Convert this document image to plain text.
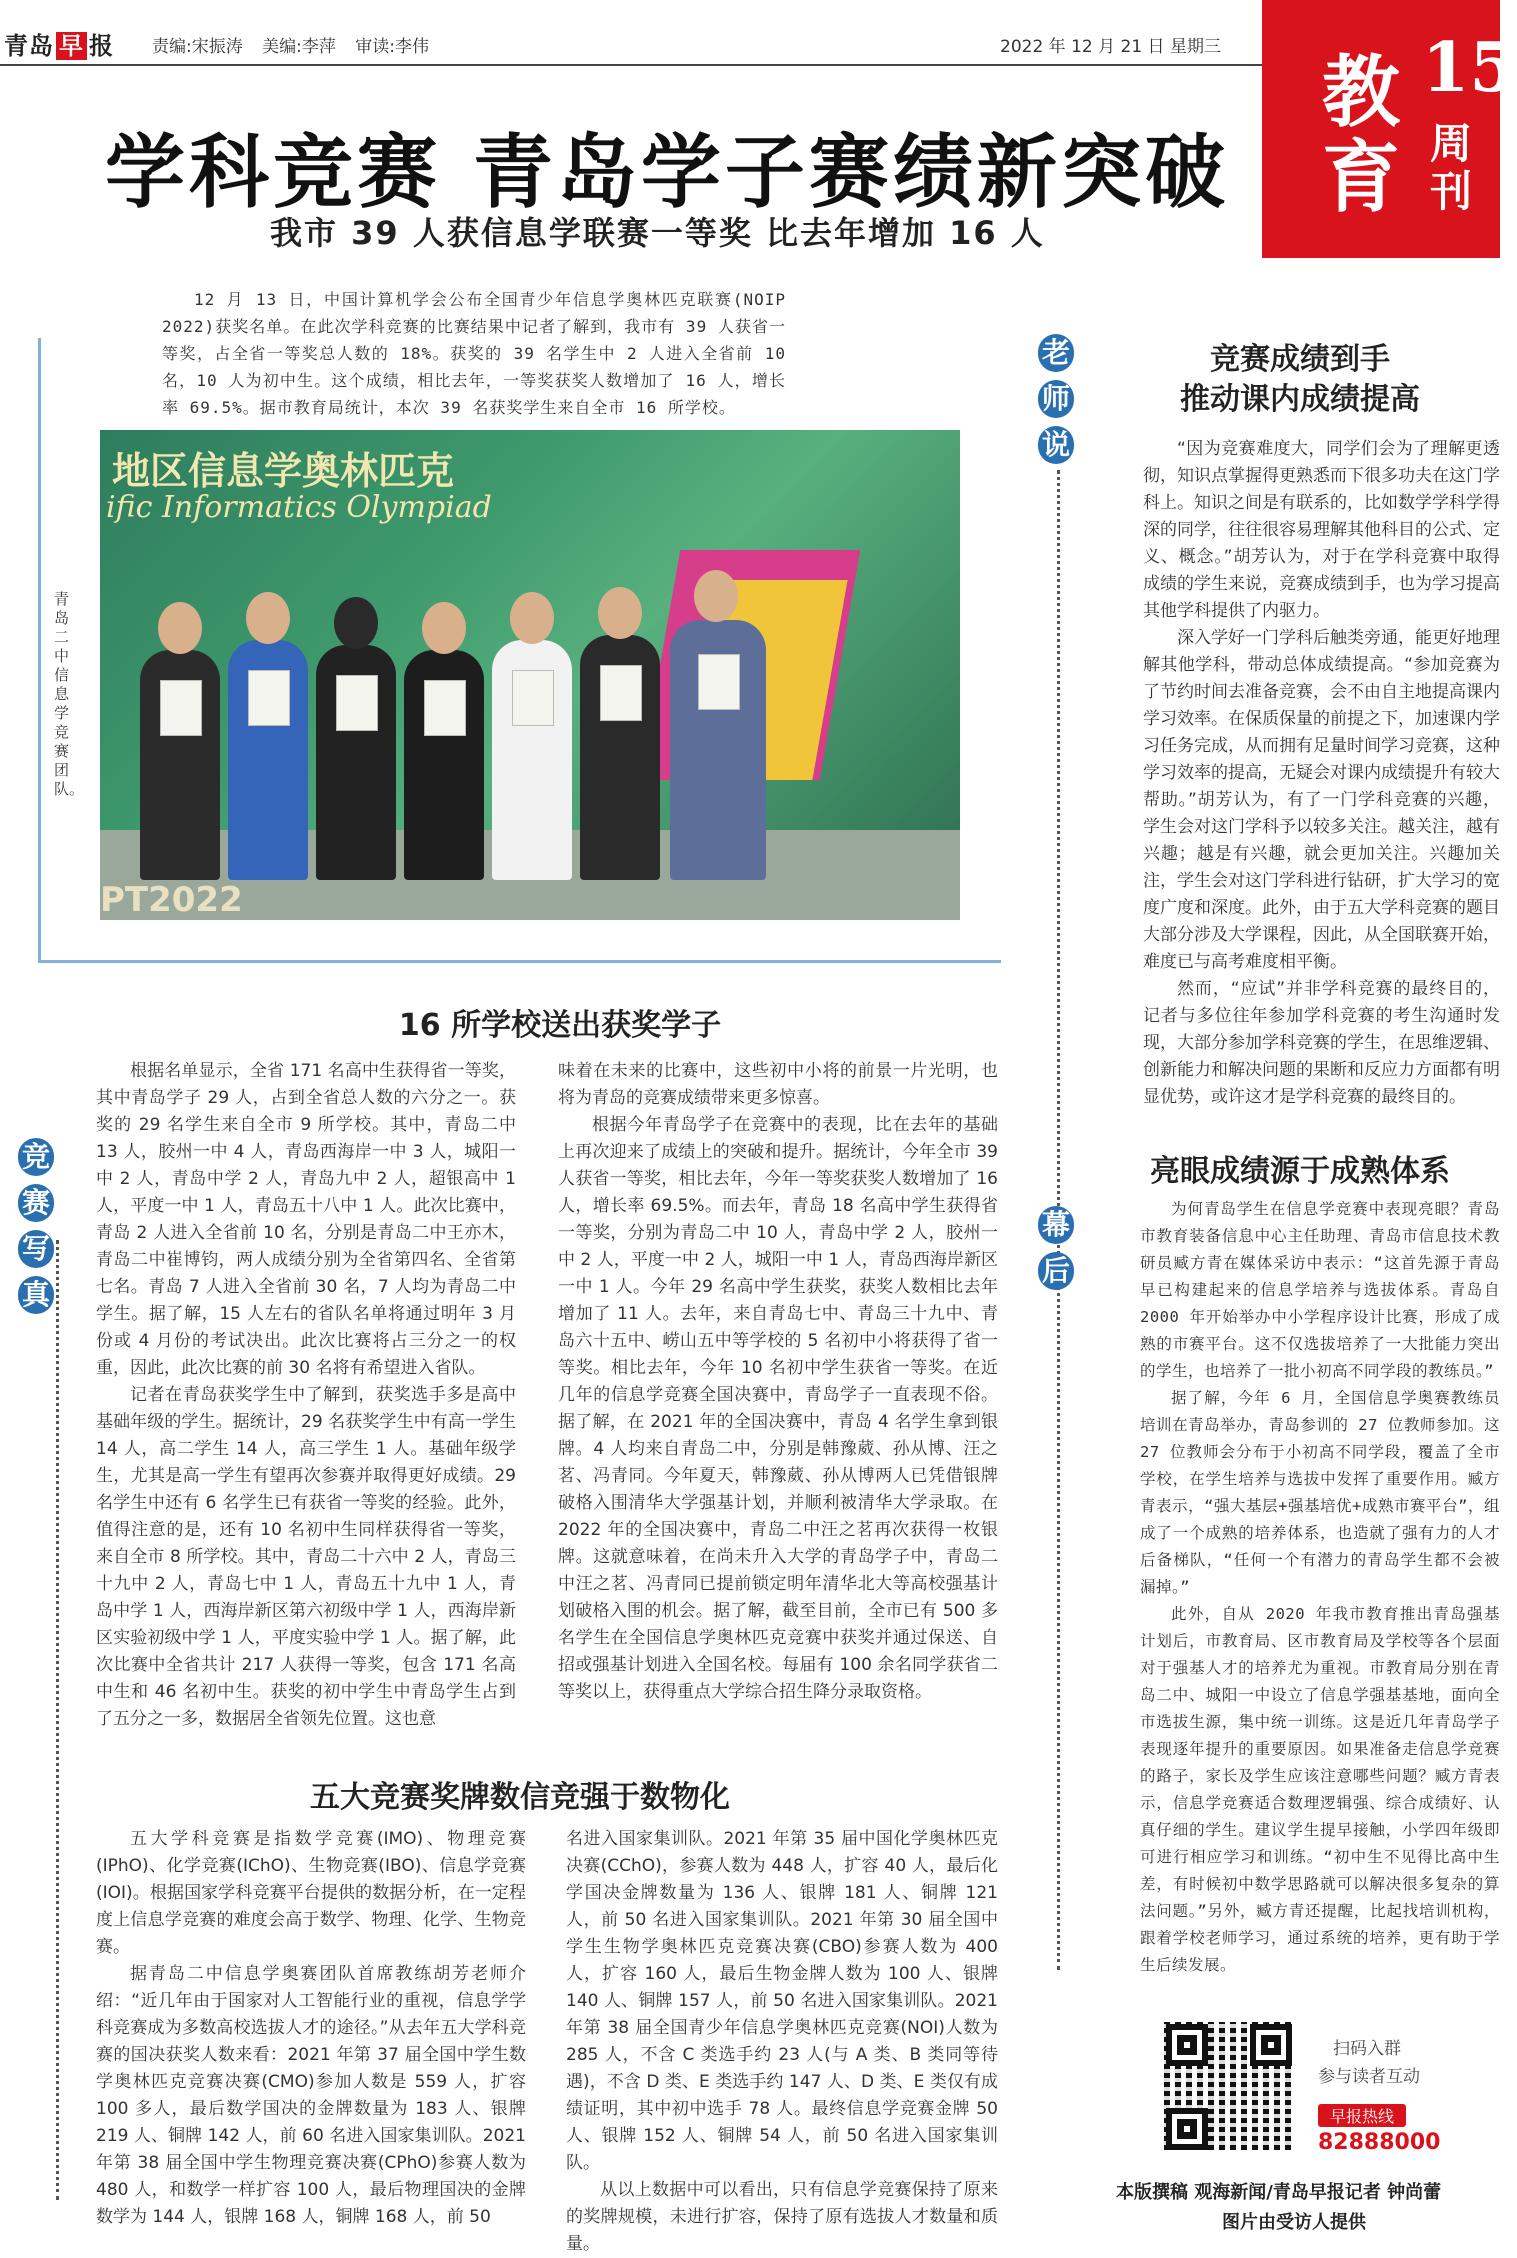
青岛 早 报 责编:宋振涛 美编:李萍 审读:李伟	2022 年 12 月 21 日 星期三 教
育
15
周刊
学科竞赛 青岛学子赛绩新突破
我市 39 人获信息学联赛一等奖 比去年增加 16 人

12 月 13 日，中国计算机学会公布全国青少年信息学奥林匹克联赛(NOIP 2022)获奖名单。在此次学科竞赛的比赛结果中记者了解到，我市有 39 人获省一等奖，占全省一等奖总人数的 18%。获奖的 39 名学生中 2 人进入全省前 10 名，10 人为初中生。这个成绩，相比去年，一等奖获奖人数增加了 16 人，增长率 69.5%。据市教育局统计，本次 39 名获奖学生来自全市 16 所学校。

地区信息学奥林匹克
ific Informatics Olympiad
PT2022
青岛二中信息学竞赛团队。
老
师
说
幕
后
竞
赛
写
真
16 所学校送出获奖学子

根据名单显示，全省 171 名高中生获得省一等奖，其中青岛学子 29 人，占到全省总人数的六分之一。获奖的 29 名学生来自全市 9 所学校。其中，青岛二中 13 人，胶州一中 4 人，青岛西海岸一中 3 人，城阳一中 2 人，青岛中学 2 人，青岛九中 2 人，超银高中 1 人，平度一中 1 人，青岛五十八中 1 人。此次比赛中，青岛 2 人进入全省前 10 名，分别是青岛二中王亦木，青岛二中崔博钧，两人成绩分别为全省第四名、全省第七名。青岛 7 人进入全省前 30 名，7 人均为青岛二中学生。据了解，15 人左右的省队名单将通过明年 3 月份或 4 月份的考试决出。此次比赛将占三分之一的权重，因此，此次比赛的前 30 名将有希望进入省队。

记者在青岛获奖学生中了解到，获奖选手多是高中基础年级的学生。据统计，29 名获奖学生中有高一学生 14 人，高二学生 14 人，高三学生 1 人。基础年级学生，尤其是高一学生有望再次参赛并取得更好成绩。29 名学生中还有 6 名学生已有获省一等奖的经验。此外，值得注意的是，还有 10 名初中生同样获得省一等奖，来自全市 8 所学校。其中，青岛二十六中 2 人，青岛三十九中 2 人，青岛七中 1 人，青岛五十九中 1 人，青岛中学 1 人，西海岸新区第六初级中学 1 人，西海岸新区实验初级中学 1 人，平度实验中学 1 人。据了解，此次比赛中全省共计 217 人获得一等奖，包含 171 名高中生和 46 名初中生。获奖的初中学生中青岛学生占到了五分之一多，数据居全省领先位置。这也意

味着在未来的比赛中，这些初中小将的前景一片光明，也将为青岛的竞赛成绩带来更多惊喜。

根据今年青岛学子在竞赛中的表现，比在去年的基础上再次迎来了成绩上的突破和提升。据统计，今年全市 39 人获省一等奖，相比去年，今年一等奖获奖人数增加了 16 人，增长率 69.5%。而去年，青岛 18 名高中学生获得省一等奖，分别为青岛二中 10 人，青岛中学 2 人，胶州一中 2 人，平度一中 2 人，城阳一中 1 人，青岛西海岸新区一中 1 人。今年 29 名高中学生获奖，获奖人数相比去年增加了 11 人。去年，来自青岛七中、青岛三十九中、青岛六十五中、崂山五中等学校的 5 名初中小将获得了省一等奖。相比去年，今年 10 名初中学生获省一等奖。在近几年的信息学竞赛全国决赛中，青岛学子一直表现不俗。据了解，在 2021 年的全国决赛中，青岛 4 名学生拿到银牌。4 人均来自青岛二中，分别是韩豫葳、孙从博、汪之茗、冯青同。今年夏天，韩豫葳、孙从博两人已凭借银牌破格入围清华大学强基计划，并顺利被清华大学录取。在 2022 年的全国决赛中，青岛二中汪之茗再次获得一枚银牌。这就意味着，在尚未升入大学的青岛学子中，青岛二中汪之茗、冯青同已提前锁定明年清华北大等高校强基计划破格入围的机会。据了解，截至目前，全市已有 500 多名学生在全国信息学奥林匹克竞赛中获奖并通过保送、自招或强基计划进入全国名校。每届有 100 余名同学获省二等奖以上，获得重点大学综合招生降分录取资格。

五大竞赛奖牌数信竞强于数物化

五大学科竞赛是指数学竞赛(IMO)、物理竞赛(IPhO)、化学竞赛(IChO)、生物竞赛(IBO)、信息学竞赛(IOI)。根据国家学科竞赛平台提供的数据分析，在一定程度上信息学竞赛的难度会高于数学、物理、化学、生物竞赛。

据青岛二中信息学奥赛团队首席教练胡芳老师介绍：“近几年由于国家对人工智能行业的重视，信息学学科竞赛成为多数高校选拔人才的途径。”从去年五大学科竞赛的国决获奖人数来看：2021 年第 37 届全国中学生数学奥林匹克竞赛决赛(CMO)参加人数是 559 人，扩容 100 多人，最后数学国决的金牌数量为 183 人、银牌 219 人、铜牌 142 人，前 60 名进入国家集训队。2021 年第 38 届全国中学生物理竞赛决赛(CPhO)参赛人数为 480 人，和数学一样扩容 100 人，最后物理国决的金牌数学为 144 人，银牌 168 人，铜牌 168 人，前 50

名进入国家集训队。2021 年第 35 届中国化学奥林匹克决赛(CChO)，参赛人数为 448 人，扩容 40 人，最后化学国决金牌数量为 136 人、银牌 181 人、铜牌 121 人，前 50 名进入国家集训队。2021 年第 30 届全国中学生生物学奥林匹克竞赛决赛(CBO)参赛人数为 400 人，扩容 160 人，最后生物金牌人数为 100 人、银牌 140 人、铜牌 157 人，前 50 名进入国家集训队。2021 年第 38 届全国青少年信息学奥林匹克竞赛(NOI)人数为 285 人，不含 C 类选手约 23 人(与 A 类、B 类同等待遇)，不含 D 类、E 类选手约 147 人、D 类、E 类仅有成绩证明，其中初中选手 78 人。最终信息学竞赛金牌 50 人、银牌 152 人、铜牌 54 人，前 50 名进入国家集训队。

从以上数据中可以看出，只有信息学竞赛保持了原来的奖牌规模，未进行扩容，保持了原有选拔人才数量和质量。

竞赛成绩到手
推动课内成绩提高

“因为竞赛难度大，同学们会为了理解更透彻，知识点掌握得更熟悉而下很多功夫在这门学科上。知识之间是有联系的，比如数学学科学得深的同学，往往很容易理解其他科目的公式、定义、概念。”胡芳认为，对于在学科竞赛中取得成绩的学生来说，竞赛成绩到手，也为学习提高其他学科提供了内驱力。

深入学好一门学科后触类旁通，能更好地理解其他学科，带动总体成绩提高。“参加竞赛为了节约时间去准备竞赛，会不由自主地提高课内学习效率。在保质保量的前提之下，加速课内学习任务完成，从而拥有足量时间学习竞赛，这种学习效率的提高，无疑会对课内成绩提升有较大帮助。”胡芳认为，有了一门学科竞赛的兴趣，学生会对这门学科予以较多关注。越关注，越有兴趣；越是有兴趣，就会更加关注。兴趣加关注，学生会对这门学科进行钻研，扩大学习的宽度广度和深度。此外，由于五大学科竞赛的题目大部分涉及大学课程，因此，从全国联赛开始，难度已与高考难度相平衡。

然而，“应试”并非学科竞赛的最终目的，记者与多位往年参加学科竞赛的考生沟通时发现，大部分参加学科竞赛的学生，在思维逻辑、创新能力和解决问题的果断和反应力方面都有明显优势，或许这才是学科竞赛的最终目的。

亮眼成绩源于成熟体系

为何青岛学生在信息学竞赛中表现亮眼？青岛市教育装备信息中心主任助理、青岛市信息技术教研员臧方青在媒体采访中表示：“这首先源于青岛早已构建起来的信息学培养与选拔体系。青岛自 2000 年开始举办中小学程序设计比赛，形成了成熟的市赛平台。这不仅选拔培养了一大批能力突出的学生，也培养了一批小初高不同学段的教练员。”

据了解，今年 6 月，全国信息学奥赛教练员培训在青岛举办，青岛参训的 27 位教师参加。这 27 位教师会分布于小初高不同学段，覆盖了全市学校，在学生培养与选拔中发挥了重要作用。臧方青表示，“强大基层+强基培优+成熟市赛平台”，组成了一个成熟的培养体系，也造就了强有力的人才后备梯队，“任何一个有潜力的青岛学生都不会被漏掉。”

此外，自从 2020 年我市教育推出青岛强基计划后，市教育局、区市教育局及学校等各个层面对于强基人才的培养尤为重视。市教育局分别在青岛二中、城阳一中设立了信息学强基基地，面向全市选拔生源，集中统一训练。这是近几年青岛学子表现逐年提升的重要原因。如果准备走信息学竞赛的路子，家长及学生应该注意哪些问题？臧方青表示，信息学竞赛适合数理逻辑强、综合成绩好、认真仔细的学生。建议学生提早接触，小学四年级即可进行相应学习和训练。“初中生不见得比高中生差，有时候初中数学思路就可以解决很多复杂的算法问题。”另外，臧方青还提醒，比起找培训机构，跟着学校老师学习，通过系统的培养，更有助于学生后续发展。

扫码入群
参与读者互动
早报热线
82888000
本版撰稿 观海新闻/青岛早报记者 钟尚蕾
图片由受访人提供
